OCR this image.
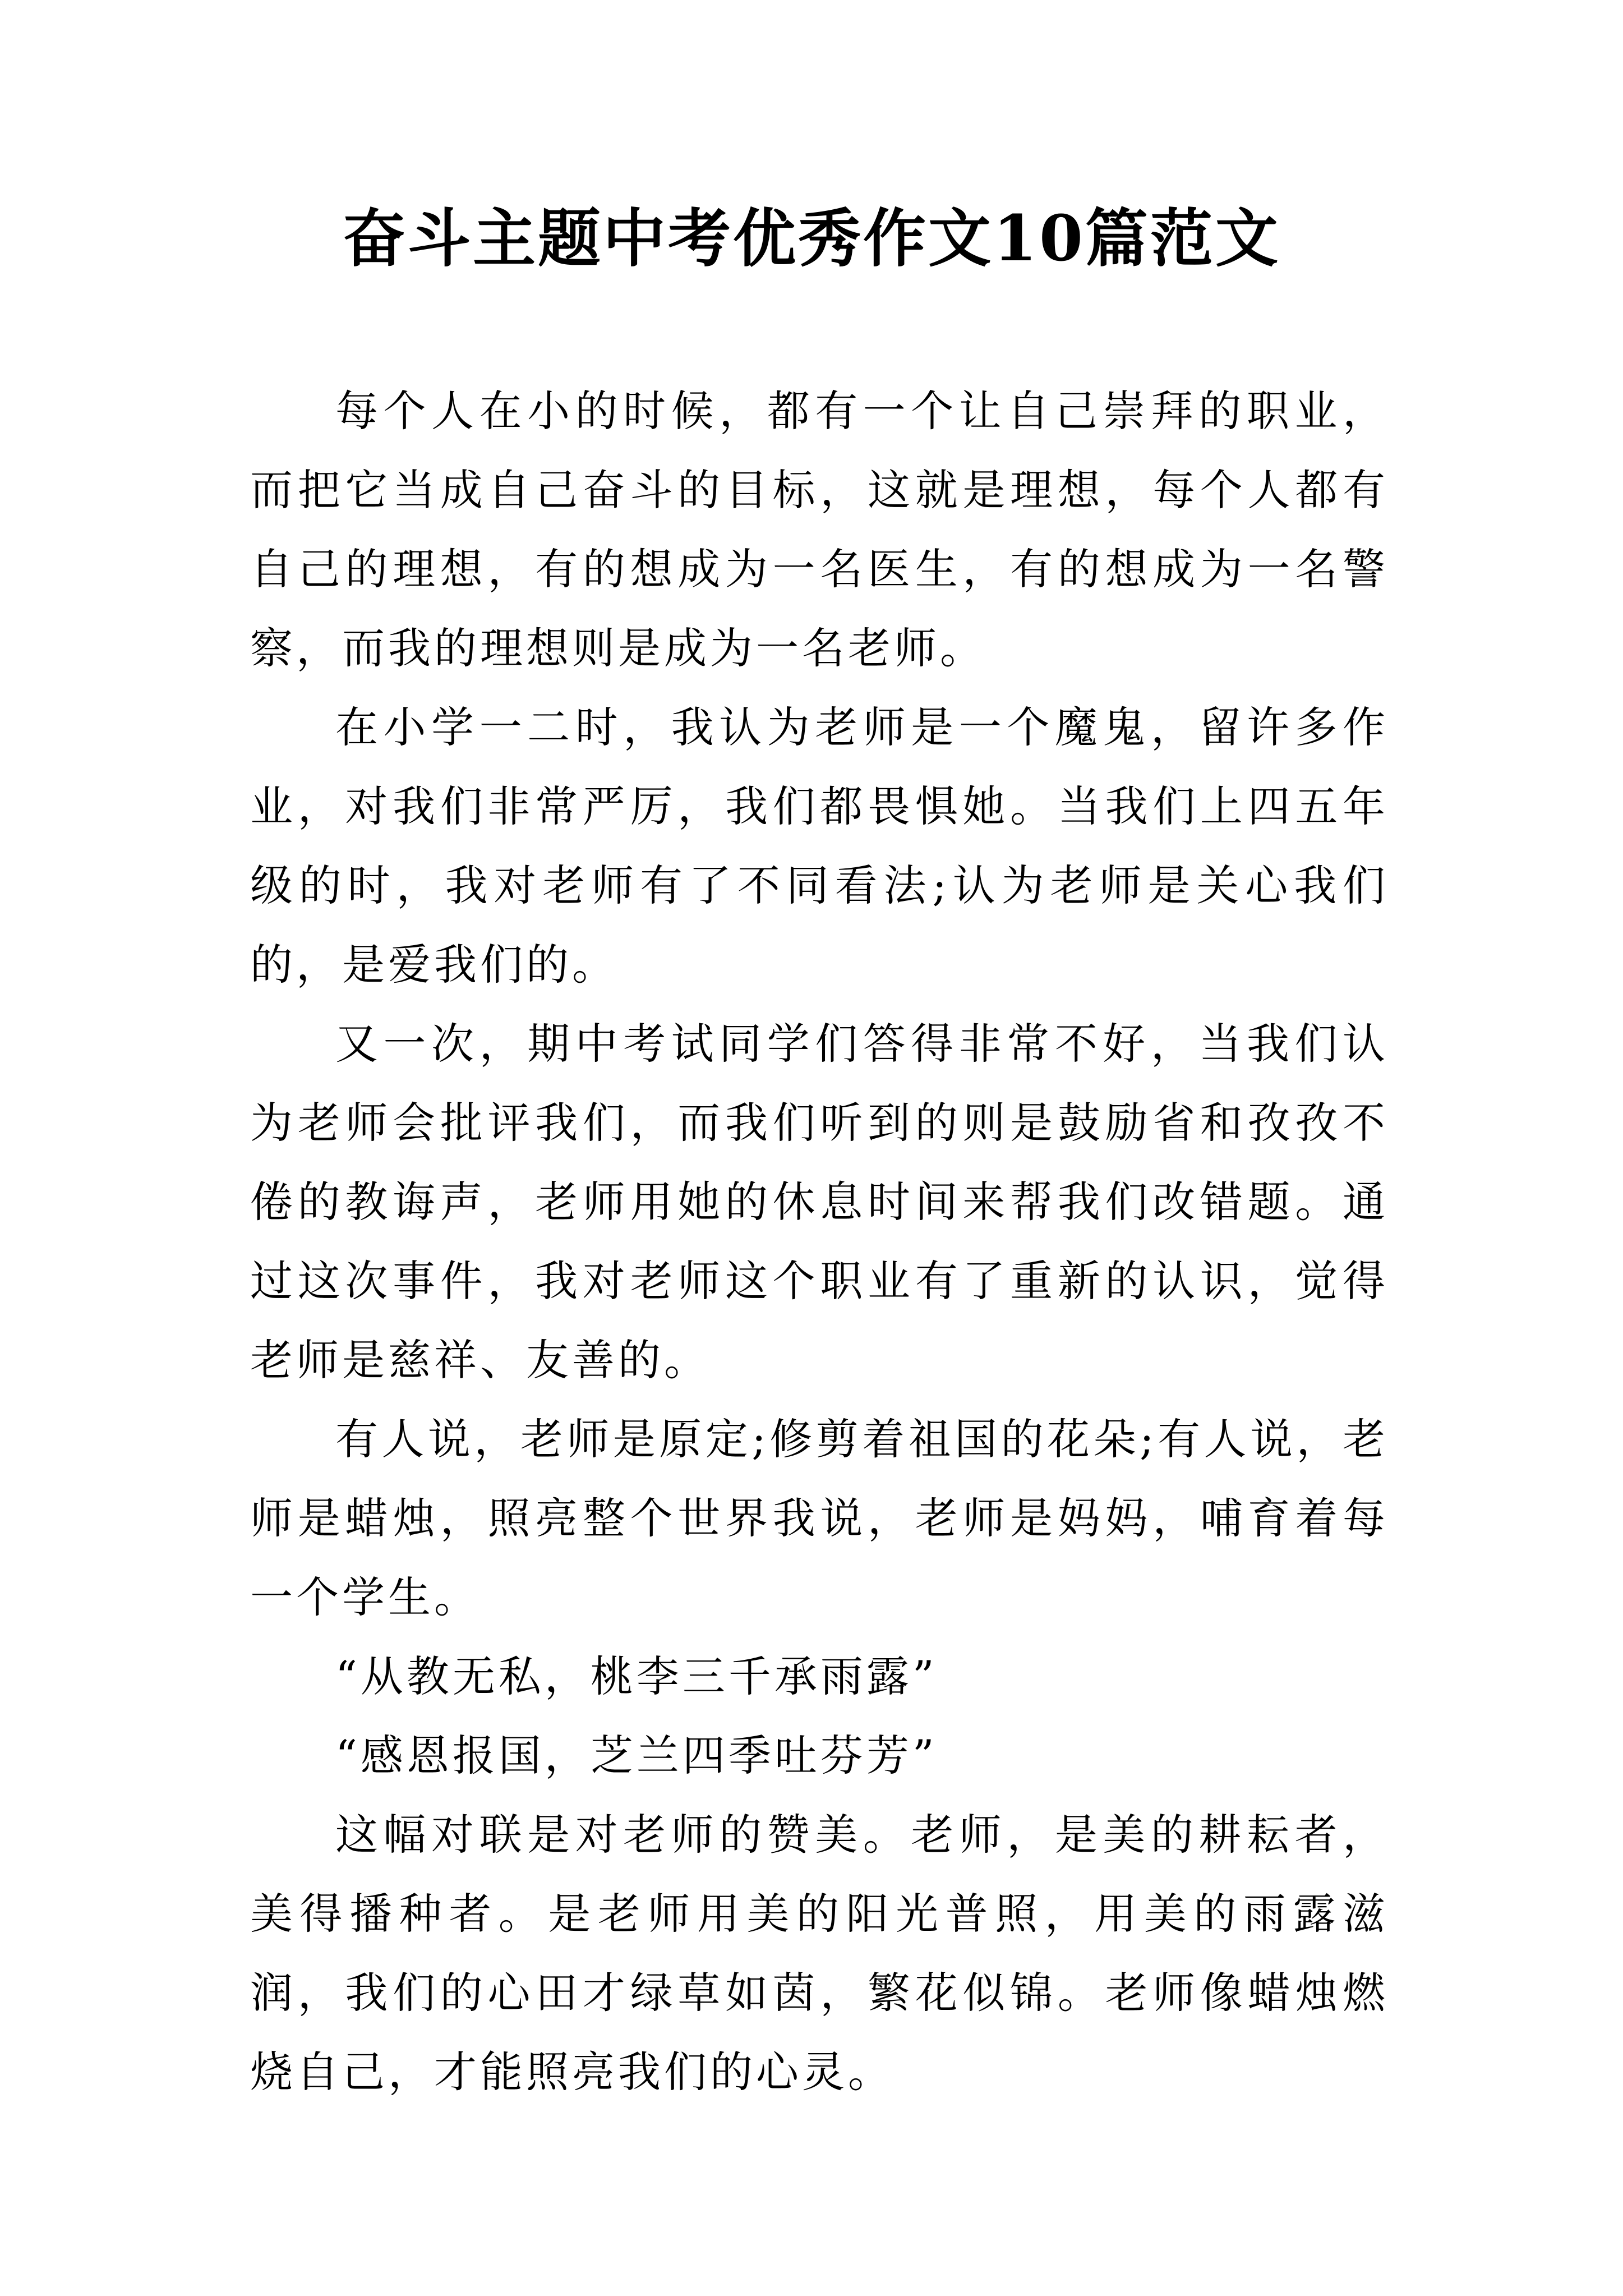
奋斗主题中考优秀作文10篇范文

每个人在小的时候，都有一个让自己崇拜的职业，而把它当成自己奋斗的目标，这就是理想，每个人都有自己的理想，有的想成为一名医生，有的想成为一名警察，而我的理想则是成为一名老师。

在小学一二时，我认为老师是一个魔鬼，留许多作业，对我们非常严厉，我们都畏惧她。当我们上四五年级的时，我对老师有了不同看法;认为老师是关心我们的，是爱我们的。

又一次，期中考试同学们答得非常不好，当我们认为老师会批评我们，而我们听到的则是鼓励省和孜孜不倦的教诲声，老师用她的休息时间来帮我们改错题。通过这次事件，我对老师这个职业有了重新的认识，觉得老师是慈祥、友善的。

有人说，老师是原定;修剪着祖国的花朵;有人说，老师是蜡烛，照亮整个世界我说，老师是妈妈，哺育着每一个学生。

“从教无私，桃李三千承雨露”

“感恩报国，芝兰四季吐芬芳”

这幅对联是对老师的赞美。老师，是美的耕耘者，美得播种者。是老师用美的阳光普照，用美的雨露滋润，我们的心田才绿草如茵，繁花似锦。老师像蜡烛燃烧自己，才能照亮我们的心灵。
